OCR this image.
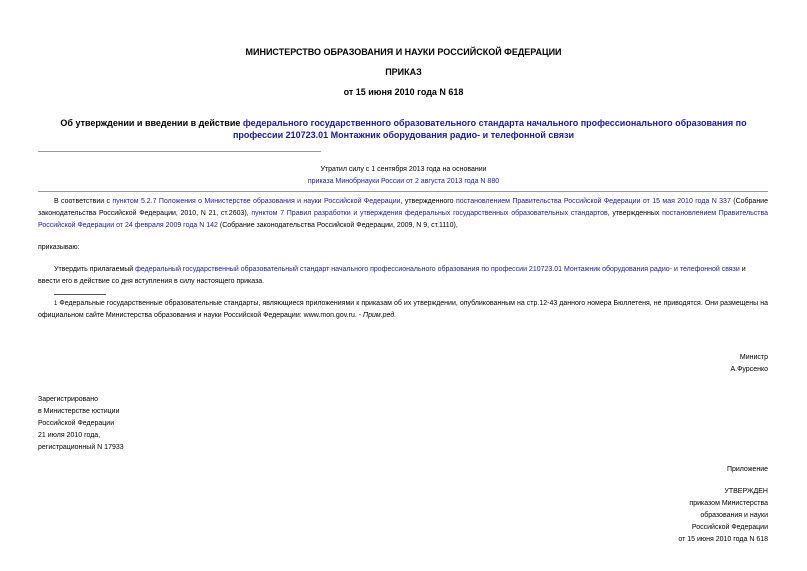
МИНИСТЕРСТВО ОБРАЗОВАНИЯ И НАУКИ РОССИЙСКОЙ ФЕДЕРАЦИИ
ПРИКАЗ
от 15 июня 2010 года N 618
Об утверждении и введении в действие федерального государственного образовательного стандарта начального профессионального образования по
профессии 210723.01 Монтажник оборудования радио- и телефонной связи
Утратил силу с 1 сентября 2013 года на основании
приказа Минобрнауки России от 2 августа 2013 года N 880
В соответствии с пунктом 5.2.7 Положения о Министерстве образования и науки Российской Федерации, утвержденного постановлением Правительства Российской Федерации от 15 мая 2010 года N 337 (Собрание законодательства Российской Федерации, 2010, N 21, ст.2603), пунктом 7 Правил разработки и утверждения федеральных государственных образовательных стандартов, утвержденных постановлением Правительства Российской Федерации от 24 февраля 2009 года N 142 (Собрание законодательства Российской Федерации, 2009, N 9, ст.1110),
приказываю:
Утвердить прилагаемый федеральный государственный образовательный стандарт начального профессионального образования по профессии 210723.01 Монтажник оборудования радио- и телефонной связи и ввести его в действие со дня вступления в силу настоящего приказа.
1 Федеральные государственные образовательные стандарты, являющиеся приложениями к приказам об их утверждении, опубликованным на стр.12-43 данного номера Бюллетеня, не приводятся. Они размещены на официальном сайте Министерства образования и науки Российской Федерации: www.mon.gov.ru. - Прим.ред.
Министр
А.Фурсенко
Зарегистрировано
в Министерстве юстиции
Российской Федерации
21 июля 2010 года,
регистрационный N 17933
Приложение
УТВЕРЖДЕН
приказом Министерства
образования и науки
Российской Федерации
от 15 июня 2010 года N 618
